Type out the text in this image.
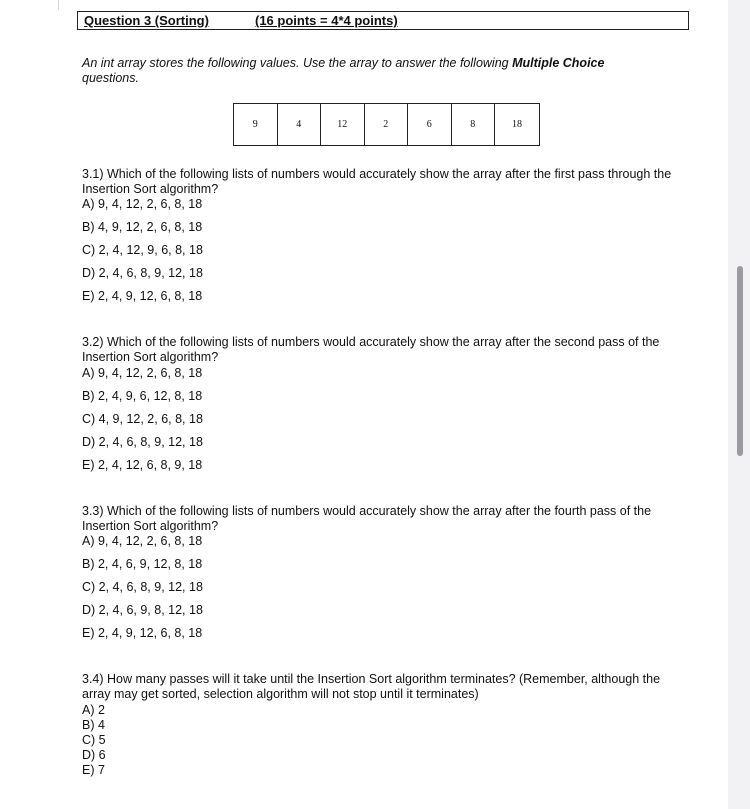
Question 3 (Sorting)	(16 points = 4*4 points)
An int array stores the following values. Use the array to answer the following Multiple Choice questions.
9	4	12	2	6	8	18

3.1) Which of the following lists of numbers would accurately show the array after the first pass through the Insertion Sort algorithm?

A) 9, 4, 12, 2, 6, 8, 18
B) 4, 9, 12, 2, 6, 8, 18
C) 2, 4, 12, 9, 6, 8, 18
D) 2, 4, 6, 8, 9, 12, 18
E) 2, 4, 9, 12, 6, 8, 18

3.2) Which of the following lists of numbers would accurately show the array after the second pass of the Insertion Sort algorithm?

A) 9, 4, 12, 2, 6, 8, 18
B) 2, 4, 9, 6, 12, 8, 18
C) 4, 9, 12, 2, 6, 8, 18
D) 2, 4, 6, 8, 9, 12, 18
E) 2, 4, 12, 6, 8, 9, 18

3.3) Which of the following lists of numbers would accurately show the array after the fourth pass of the Insertion Sort algorithm?

A) 9, 4, 12, 2, 6, 8, 18
B) 2, 4, 6, 9, 12, 8, 18
C) 2, 4, 6, 8, 9, 12, 18
D) 2, 4, 6, 9, 8, 12, 18
E) 2, 4, 9, 12, 6, 8, 18

3.4) How many passes will it take until the Insertion Sort algorithm terminates? (Remember, although the array may get sorted, selection algorithm will not stop until it terminates)

A) 2
B) 4
C) 5
D) 6
E) 7
